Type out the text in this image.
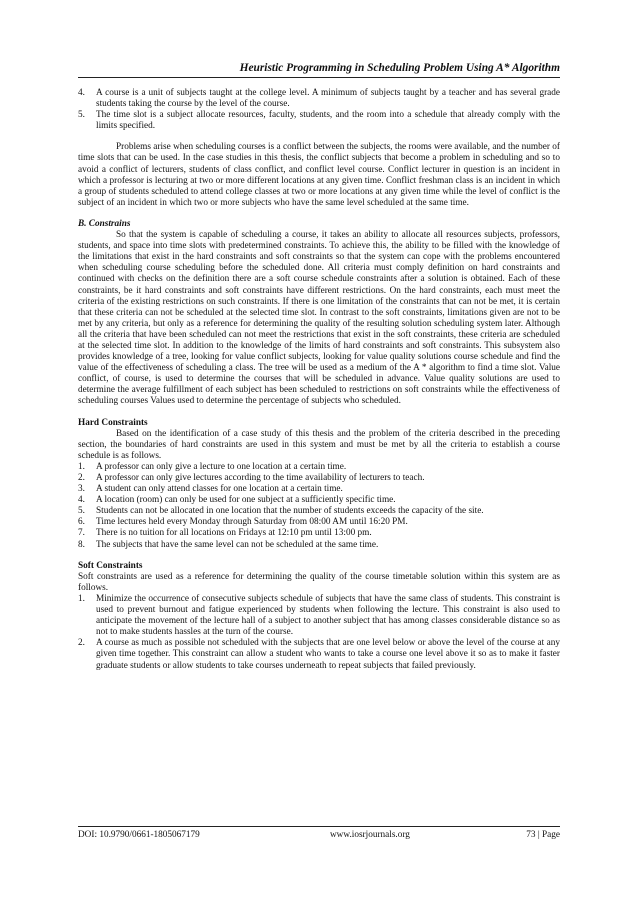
Heuristic Programming in Scheduling Problem Using A* Algorithm
4. A course is a unit of subjects taught at the college level. A minimum of subjects taught by a teacher and has several grade students taking the course by the level of the course.
5. The time slot is a subject allocate resources, faculty, students, and the room into a schedule that already comply with the limits specified.

Problems arise when scheduling courses is a conflict between the subjects, the rooms were available, and the number of time slots that can be used. In the case studies in this thesis, the conflict subjects that become a problem in scheduling and so to avoid a conflict of lecturers, students of class conflict, and conflict level course. Conflict lecturer in question is an incident in which a professor is lecturing at two or more different locations at any given time. Conflict freshman class is an incident in which a group of students scheduled to attend college classes at two or more locations at any given time while the level of conflict is the subject of an incident in which two or more subjects who have the same level scheduled at the same time.

B. Constrains

So that the system is capable of scheduling a course, it takes an ability to allocate all resources subjects, professors, students, and space into time slots with predetermined constraints. To achieve this, the ability to be filled with the knowledge of the limitations that exist in the hard constraints and soft constraints so that the system can cope with the problems encountered when scheduling course scheduling before the scheduled done. All criteria must comply definition on hard constraints and continued with checks on the definition there are a soft course schedule constraints after a solution is obtained. Each of these constraints, be it hard constraints and soft constraints have different restrictions. On the hard constraints, each must meet the criteria of the existing restrictions on such constraints. If there is one limitation of the constraints that can not be met, it is certain that these criteria can not be scheduled at the selected time slot. In contrast to the soft constraints, limitations given are not to be met by any criteria, but only as a reference for determining the quality of the resulting solution scheduling system later. Although all the criteria that have been scheduled can not meet the restrictions that exist in the soft constraints, these criteria are scheduled at the selected time slot. In addition to the knowledge of the limits of hard constraints and soft constraints. This subsystem also provides knowledge of a tree, looking for value conflict subjects, looking for value quality solutions course schedule and find the value of the effectiveness of scheduling a class. The tree will be used as a medium of the A * algorithm to find a time slot. Value conflict, of course, is used to determine the courses that will be scheduled in advance. Value quality solutions are used to determine the average fulfillment of each subject has been scheduled to restrictions on soft constraints while the effectiveness of scheduling courses Values used to determine the percentage of subjects who scheduled.

Hard Constraints

Based on the identification of a case study of this thesis and the problem of the criteria described in the preceding section, the boundaries of hard constraints are used in this system and must be met by all the criteria to establish a course schedule is as follows.

1. A professor can only give a lecture to one location at a certain time.
2. A professor can only give lectures according to the time availability of lecturers to teach.
3. A student can only attend classes for one location at a certain time.
4. A location (room) can only be used for one subject at a sufficiently specific time.
5. Students can not be allocated in one location that the number of students exceeds the capacity of the site.
6. Time lectures held every Monday through Saturday from 08:00 AM until 16:20 PM.
7. There is no tuition for all locations on Fridays at 12:10 pm until 13:00 pm.
8. The subjects that have the same level can not be scheduled at the same time.

Soft Constraints

Soft constraints are used as a reference for determining the quality of the course timetable solution within this system are as follows.

1. Minimize the occurrence of consecutive subjects schedule of subjects that have the same class of students. This constraint is used to prevent burnout and fatigue experienced by students when following the lecture. This constraint is also used to anticipate the movement of the lecture hall of a subject to another subject that has among classes considerable distance so as not to make students hassles at the turn of the course.
2. A course as much as possible not scheduled with the subjects that are one level below or above the level of the course at any given time together. This constraint can allow a student who wants to take a course one level above it so as to make it faster graduate students or allow students to take courses underneath to repeat subjects that failed previously.
DOI: 10.9790/0661-1805067179	www.iosrjournals.org	73 | Page
